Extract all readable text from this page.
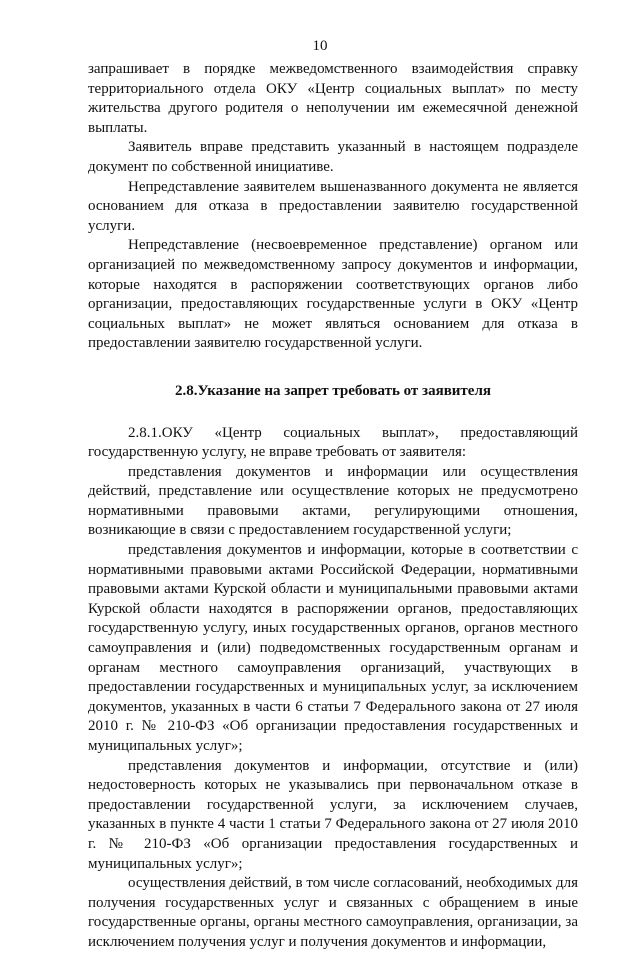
10

запрашивает в порядке межведомственного взаимодействия справку территориального отдела ОКУ «Центр социальных выплат» по месту жительства другого родителя о неполучении им ежемесячной денежной выплаты.

Заявитель вправе представить указанный в настоящем подразделе документ по собственной инициативе.

Непредставление заявителем вышеназванного документа не является основанием для отказа в предоставлении заявителю государственной услуги.

Непредставление (несвоевременное представление) органом или организацией по межведомственному запросу документов и информации, которые находятся в распоряжении соответствующих органов либо организации, предоставляющих государственные услуги в ОКУ «Центр социальных выплат» не может являться основанием для отказа в предоставлении заявителю государственной услуги.

2.8.Указание на запрет требовать от заявителя

2.8.1.ОКУ «Центр социальных выплат», предоставляющий государственную услугу, не вправе требовать от заявителя:

представления документов и информации или осуществления действий, представление или осуществление которых не предусмотрено нормативными правовыми актами, регулирующими отношения, возникающие в связи с предоставлением государственной услуги;

представления документов и информации, которые в соответствии с нормативными правовыми актами Российской Федерации, нормативными правовыми актами Курской области и муниципальными правовыми актами Курской области находятся в распоряжении органов, предоставляющих государственную услугу, иных государственных органов, органов местного самоуправления и (или) подведомственных государственным органам и органам местного самоуправления организаций, участвующих в предоставлении государственных и муниципальных услуг, за исключением документов, указанных в части 6 статьи 7 Федерального закона от 27 июля 2010 г. № 210-ФЗ «Об организации предоставления государственных и муниципальных услуг»;

представления документов и информации, отсутствие и (или) недостоверность которых не указывались при первоначальном отказе в предоставлении государственной услуги, за исключением случаев, указанных в пункте 4 части 1 статьи 7 Федерального закона от 27 июля 2010 г. № 210-ФЗ «Об организации предоставления государственных и муниципальных услуг»;

осуществления действий, в том числе согласований, необходимых для получения государственных услуг и связанных с обращением в иные государственные органы, органы местного самоуправления, организации, за исключением получения услуг и получения документов и информации,
